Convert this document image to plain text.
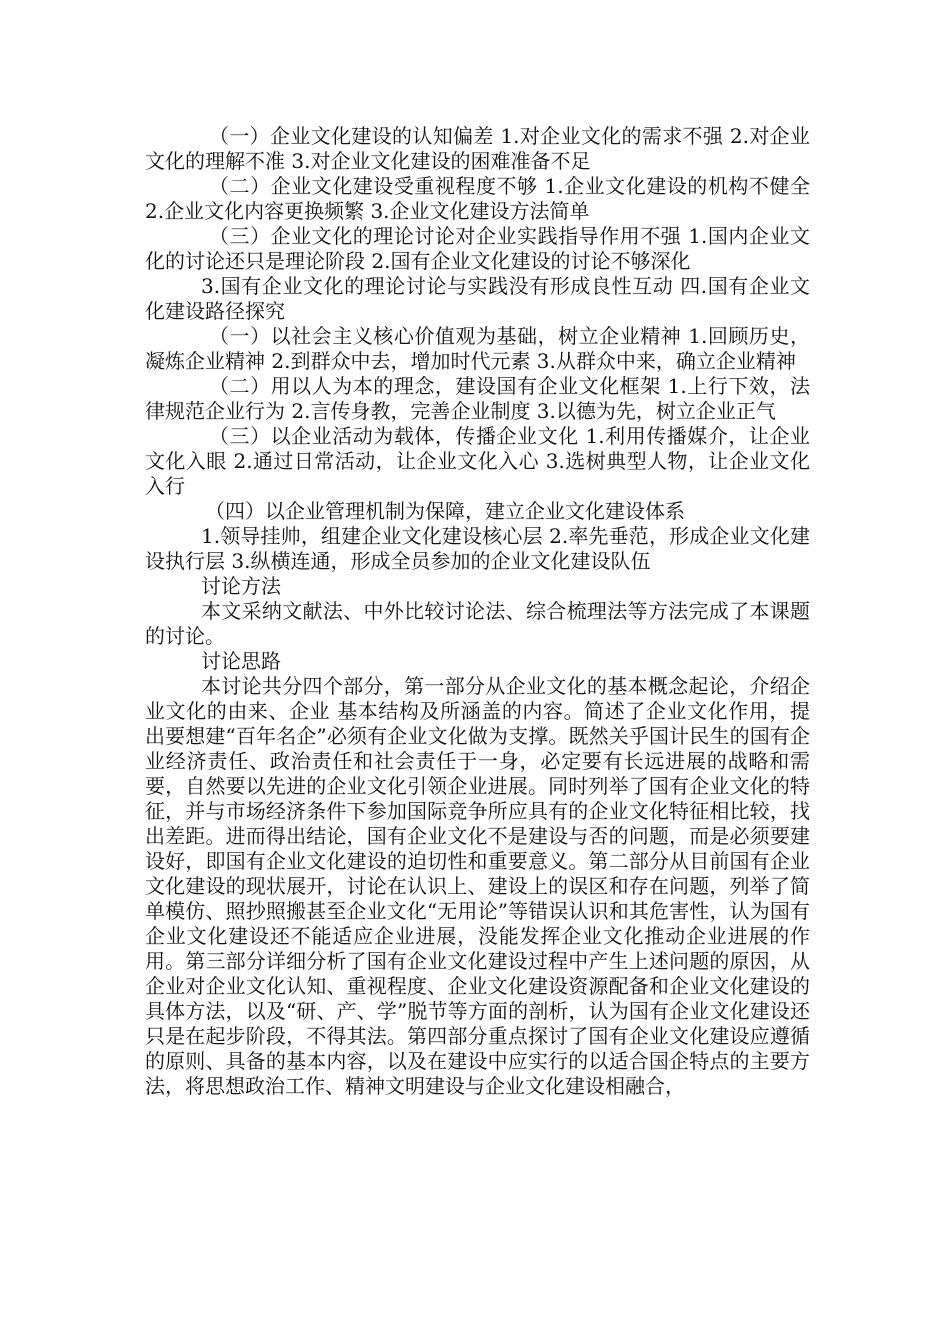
（一）企业文化建设的认知偏差 1.对企业文化的需求不强 2.对企业文化的理解不准 3.对企业文化建设的困难准备不足

（二）企业文化建设受重视程度不够 1.企业文化建设的机构不健全 2.企业文化内容更换频繁 3.企业文化建设方法简单

（三）企业文化的理论讨论对企业实践指导作用不强 1.国内企业文化的讨论还只是理论阶段 2.国有企业文化建设的讨论不够深化

3.国有企业文化的理论讨论与实践没有形成良性互动 四.国有企业文化建设路径探究

（一）以社会主义核心价值观为基础，树立企业精神 1.回顾历史，凝炼企业精神 2.到群众中去，增加时代元素 3.从群众中来，确立企业精神

（二）用以人为本的理念，建设国有企业文化框架 1.上行下效，法律规范企业行为 2.言传身教，完善企业制度 3.以德为先，树立企业正气

（三）以企业活动为载体，传播企业文化 1.利用传播媒介，让企业文化入眼 2.通过日常活动，让企业文化入心 3.选树典型人物，让企业文化入行

（四）以企业管理机制为保障，建立企业文化建设体系

1.领导挂帅，组建企业文化建设核心层 2.率先垂范，形成企业文化建设执行层 3.纵横连通，形成全员参加的企业文化建设队伍

讨论方法

本文采纳文献法、中外比较讨论法、综合梳理法等方法完成了本课题的讨论。

讨论思路

本讨论共分四个部分，第一部分从企业文化的基本概念起论，介绍企业文化的由来、企业 基本结构及所涵盖的内容。简述了企业文化作用，提出要想建“百年名企”必须有企业文化做为支撑。既然关乎国计民生的国有企业经济责任、政治责任和社会责任于一身，必定要有长远进展的战略和需要，自然要以先进的企业文化引领企业进展。同时列举了国有企业文化的特征，并与市场经济条件下参加国际竞争所应具有的企业文化特征相比较，找出差距。进而得出结论，国有企业文化不是建设与否的问题，而是必须要建设好，即国有企业文化建设的迫切性和重要意义。第二部分从目前国有企业文化建设的现状展开，讨论在认识上、建设上的误区和存在问题，列举了简单模仿、照抄照搬甚至企业文化“无用论”等错误认识和其危害性，认为国有企业文化建设还不能适应企业进展，没能发挥企业文化推动企业进展的作用。第三部分详细分析了国有企业文化建设过程中产生上述问题的原因，从企业对企业文化认知、重视程度、企业文化建设资源配备和企业文化建设的具体方法，以及“研、产、学”脱节等方面的剖析，认为国有企业文化建设还只是在起步阶段，不得其法。第四部分重点探讨了国有企业文化建设应遵循的原则、具备的基本内容，以及在建设中应实行的以适合国企特点的主要方法，将思想政治工作、精神文明建设与企业文化建设相融合，
